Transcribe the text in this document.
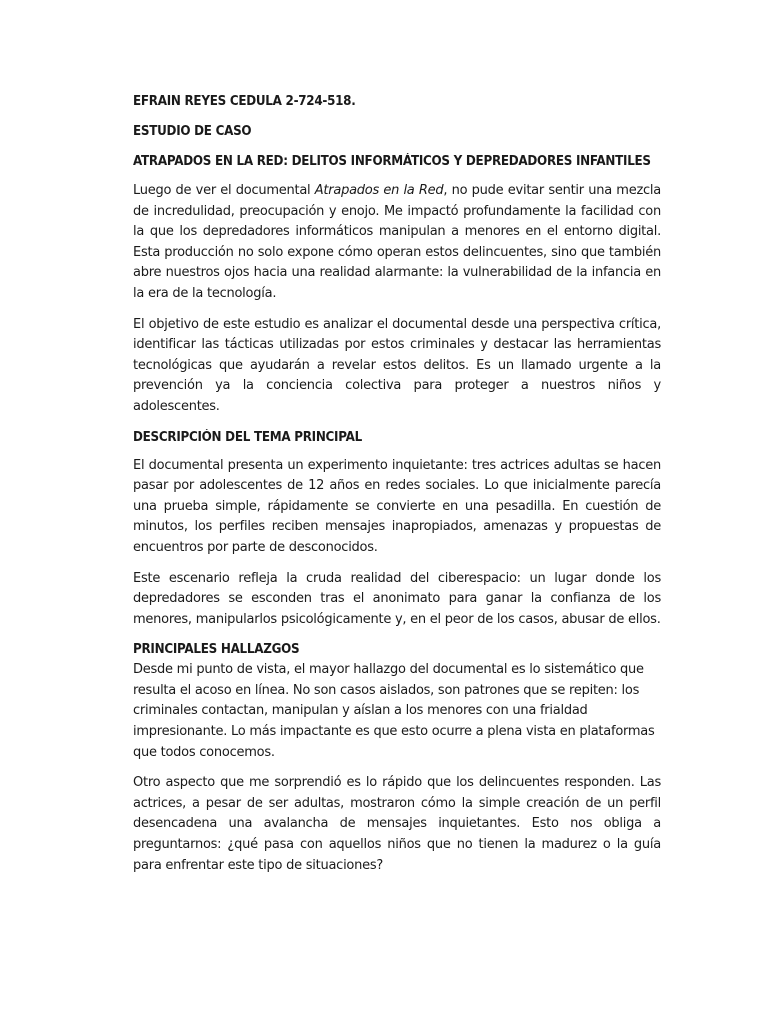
EFRAIN REYES CEDULA 2-724-518.

ESTUDIO DE CASO

ATRAPADOS EN LA RED: DELITOS INFORMÁTICOS Y DEPREDADORES INFANTILES

Luego de ver el documental Atrapados en la Red, no pude evitar sentir una mezcla de incredulidad, preocupación y enojo. Me impactó profundamente la facilidad con la que los depredadores informáticos manipulan a menores en el entorno digital. Esta producción no solo expone cómo operan estos delincuentes, sino que también abre nuestros ojos hacia una realidad alarmante: la vulnerabilidad de la infancia en la era de la tecnología.

El objetivo de este estudio es analizar el documental desde una perspectiva crítica, identificar las tácticas utilizadas por estos criminales y destacar las herramientas tecnológicas que ayudarán a revelar estos delitos. Es un llamado urgente a la prevención ya la conciencia colectiva para proteger a nuestros niños y adolescentes.

DESCRIPCIÓN DEL TEMA PRINCIPAL

El documental presenta un experimento inquietante: tres actrices adultas se hacen pasar por adolescentes de 12 años en redes sociales. Lo que inicialmente parecía una prueba simple, rápidamente se convierte en una pesadilla. En cuestión de minutos, los perfiles reciben mensajes inapropiados, amenazas y propuestas de encuentros por parte de desconocidos.

Este escenario refleja la cruda realidad del ciberespacio: un lugar donde los depredadores se esconden tras el anonimato para ganar la confianza de los menores, manipularlos psicológicamente y, en el peor de los casos, abusar de ellos.

PRINCIPALES HALLAZGOS

Desde mi punto de vista, el mayor hallazgo del documental es lo sistemático que resulta el acoso en línea. No son casos aislados, son patrones que se repiten: los criminales contactan, manipulan y aíslan a los menores con una frialdad impresionante. Lo más impactante es que esto ocurre a plena vista en plataformas que todos conocemos.

Otro aspecto que me sorprendió es lo rápido que los delincuentes responden. Las actrices, a pesar de ser adultas, mostraron cómo la simple creación de un perfil desencadena una avalancha de mensajes inquietantes. Esto nos obliga a preguntarnos: ¿qué pasa con aquellos niños que no tienen la madurez o la guía para enfrentar este tipo de situaciones?
